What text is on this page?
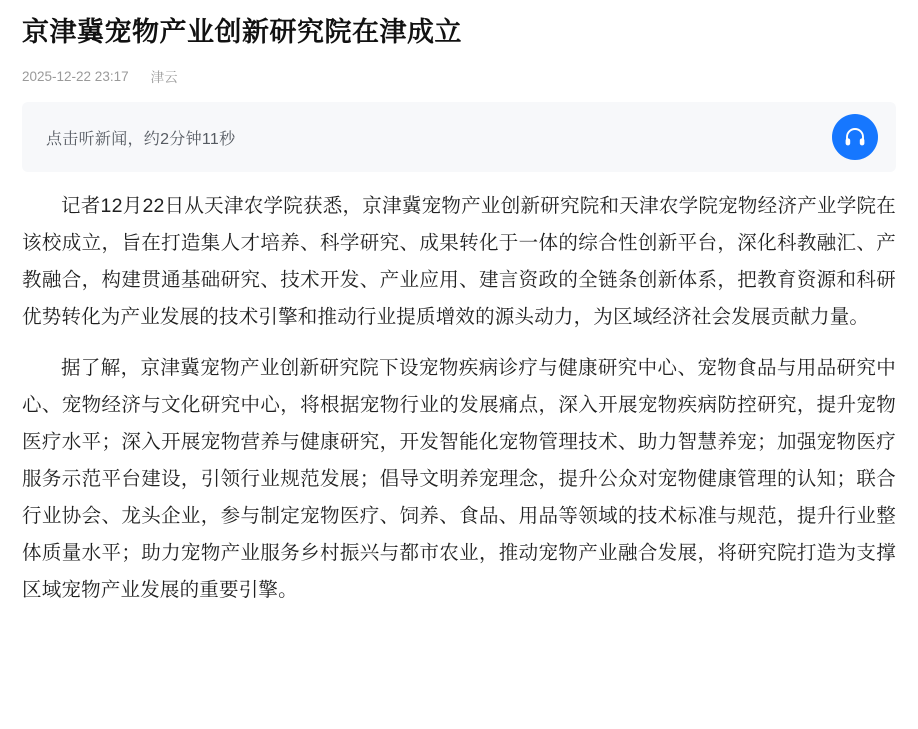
京津冀宠物产业创新研究院在津成立
2025-12-22 23:17 津云
点击听新闻，约2分钟11秒

记者12月22日从天津农学院获悉，京津冀宠物产业创新研究院和天津农学院宠物经济产业学院在该校成立，旨在打造集人才培养、科学研究、成果转化于一体的综合性创新平台，深化科教融汇、产教融合，构建贯通基础研究、技术开发、产业应用、建言资政的全链条创新体系，把教育资源和科研优势转化为产业发展的技术引擎和推动行业提质增效的源头动力，为区域经济社会发展贡献力量。

据了解，京津冀宠物产业创新研究院下设宠物疾病诊疗与健康研究中心、宠物食品与用品研究中心、宠物经济与文化研究中心，将根据宠物行业的发展痛点，深入开展宠物疾病防控研究，提升宠物医疗水平；深入开展宠物营养与健康研究，开发智能化宠物管理技术、助力智慧养宠；加强宠物医疗服务示范平台建设，引领行业规范发展；倡导文明养宠理念，提升公众对宠物健康管理的认知；联合行业协会、龙头企业，参与制定宠物医疗、饲养、食品、用品等领域的技术标准与规范，提升行业整体质量水平；助力宠物产业服务乡村振兴与都市农业，推动宠物产业融合发展，将研究院打造为支撑区域宠物产业发展的重要引擎。
